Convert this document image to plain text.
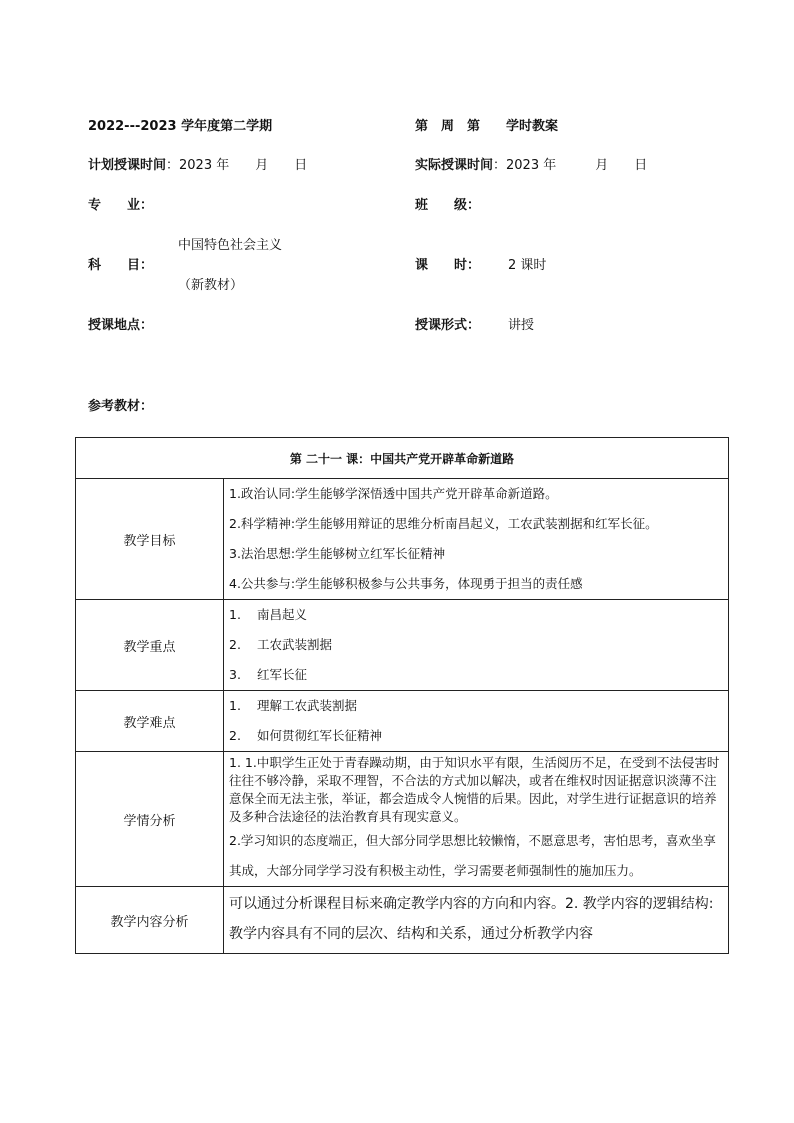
2022---2023 学年度第二学期	第　周　第　　学时教案
计划授课时间：2023 年　　月　　日	实际授课时间：2023 年　　　月　　日
专　　业：	班　　级：
中国特色社会主义
科　　目：
（新教材）
课　　时： 2 课时
授课地点：	授课形式： 讲授
参考教材：
第 二十一 课：中国共产党开辟革命新道路	
教学目标	1.政治认同:学生能够学深悟透中国共产党开辟革命新道路。
2.科学精神:学生能够用辩证的思维分析南昌起义，工农武装割据和红军长征。
3.法治思想:学生能够树立红军长征精神
4.公共参与:学生能够积极参与公共事务，体现勇于担当的责任感

教学重点	1. 南昌起义
2. 工农武装割据
3. 红军长征

教学难点	1. 理解工农武装割据
2. 如何贯彻红军长征精神

学情分析	1. 1.中职学生正处于青春躁动期，由于知识水平有限，生活阅历不足，在受到不法侵害时往往不够冷静，采取不理智，不合法的方式加以解决，或者在维权时因证据意识淡薄不注意保全而无法主张，举证，都会造成令人惋惜的后果。因此，对学生进行证据意识的培养及多种合法途径的法治教育具有现实意义。
2.学习知识的态度端正，但大部分同学思想比较懒惰，不愿意思考，害怕思考，喜欢坐享其成，大部分同学学习没有积极主动性，学习需要老师强制性的施加压力。

教学内容分析	可以通过分析课程目标来确定教学内容的方向和内容。2. 教学内容的逻辑结构: 教学内容具有不同的层次、结构和关系，通过分析教学内容
